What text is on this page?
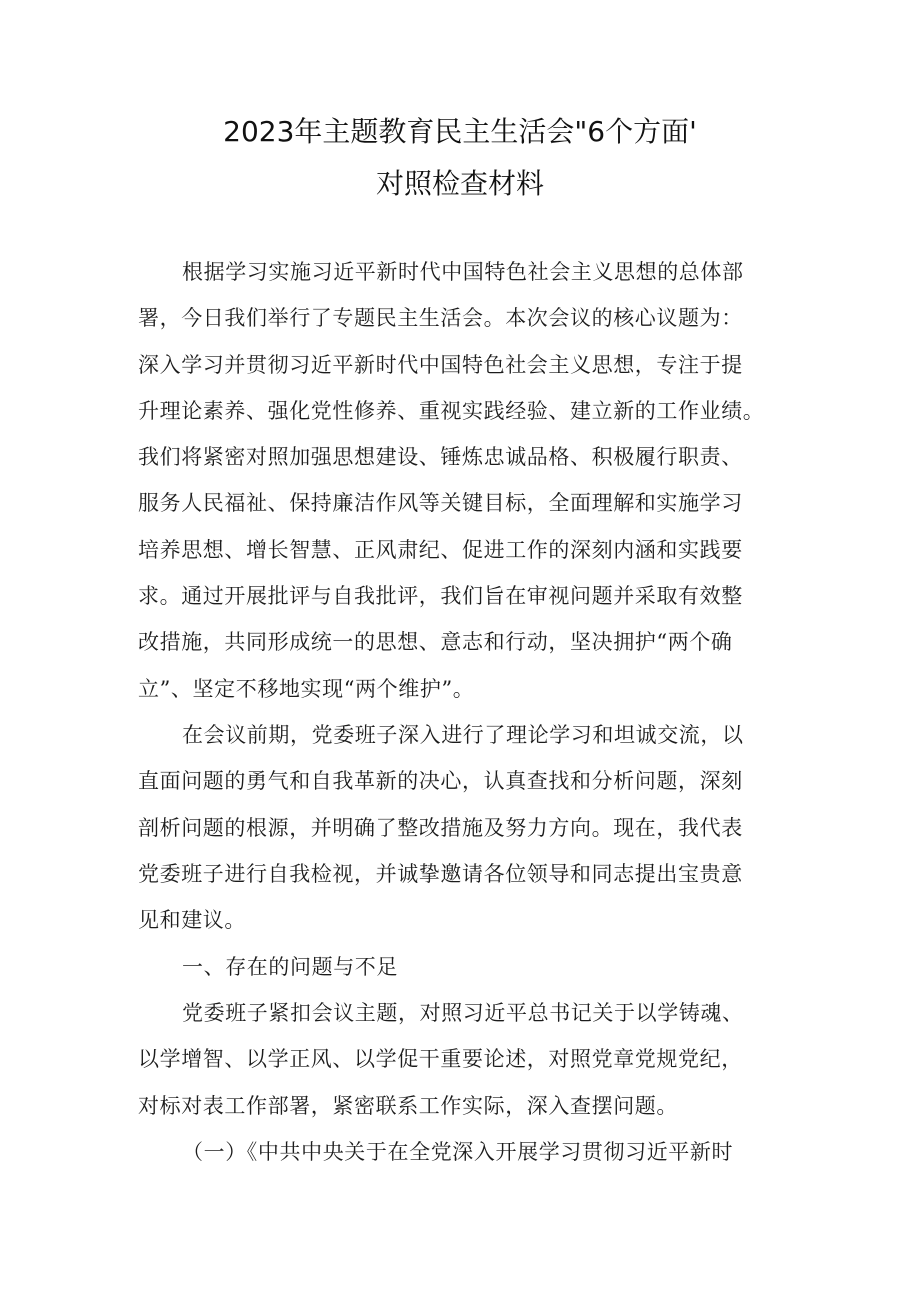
2023年主题教育民主生活会"6个方面'
对照检查材料
根据学习实施习近平新时代中国特色社会主义思想的总体部
署，今日我们举行了专题民主生活会。本次会议的核心议题为：
深入学习并贯彻习近平新时代中国特色社会主义思想，专注于提
升理论素养、强化党性修养、重视实践经验、建立新的工作业绩。
我们将紧密对照加强思想建设、锤炼忠诚品格、积极履行职责、
服务人民福祉、保持廉洁作风等关键目标，全面理解和实施学习
培养思想、增长智慧、正风肃纪、促进工作的深刻内涵和实践要
求。通过开展批评与自我批评，我们旨在审视问题并采取有效整
改措施，共同形成统一的思想、意志和行动，坚决拥护“两个确
立”、坚定不移地实现“两个维护”。
在会议前期，党委班子深入进行了理论学习和坦诚交流，以
直面问题的勇气和自我革新的决心，认真查找和分析问题，深刻
剖析问题的根源，并明确了整改措施及努力方向。现在，我代表
党委班子进行自我检视，并诚挚邀请各位领导和同志提出宝贵意
见和建议。
一、存在的问题与不足
党委班子紧扣会议主题，对照习近平总书记关于以学铸魂、
以学增智、以学正风、以学促干重要论述，对照党章党规党纪，
对标对表工作部署，紧密联系工作实际，深入查摆问题。
（一）《中共中央关于在全党深入开展学习贯彻习近平新时
